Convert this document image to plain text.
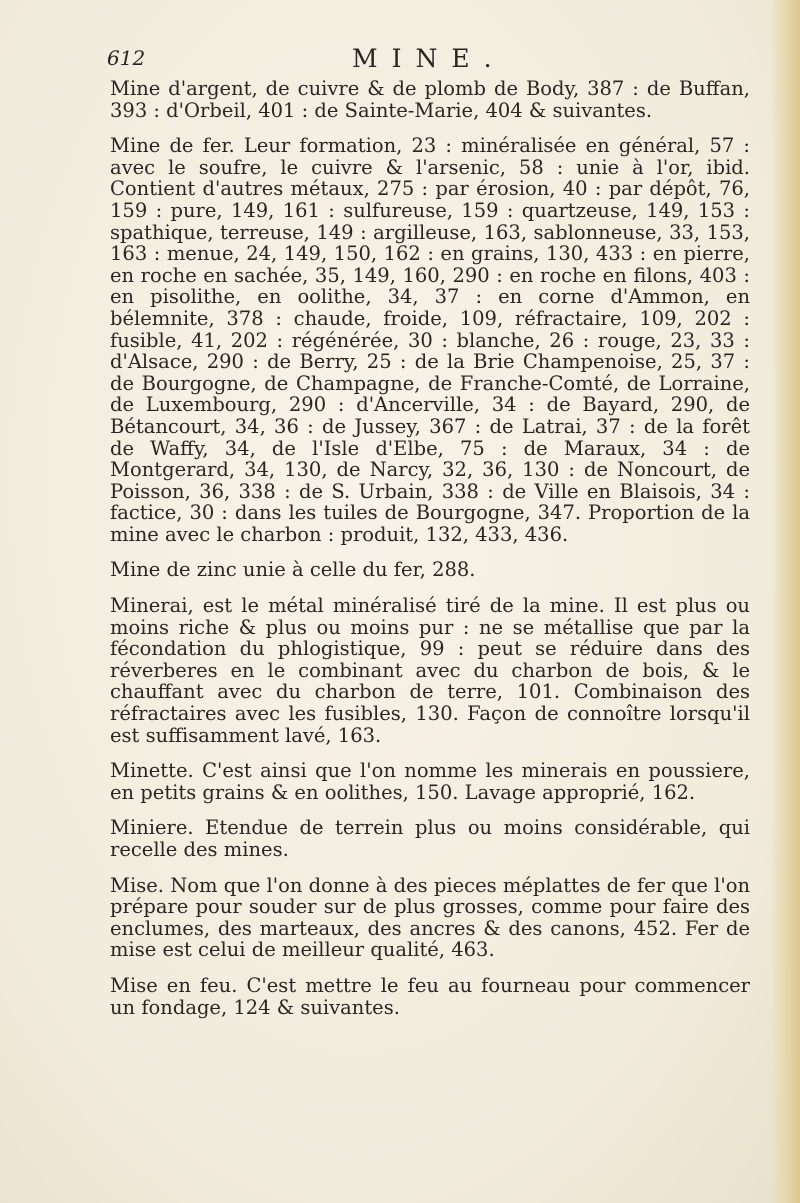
612	MINE.

Mine d'argent, de cuivre & de plomb de Body, 387 : de Buffan, 393 : d'Orbeil, 401 : de Sainte-Marie, 404 & suivantes.

Mine de fer. Leur formation, 23 : minéralisée en général, 57 : avec le soufre, le cuivre & l'arsenic, 58 : unie à l'or, ibid. Contient d'autres métaux, 275 : par érosion, 40 : par dépôt, 76, 159 : pure, 149, 161 : sulfureuse, 159 : quartzeuse, 149, 153 : spathique, terreuse, 149 : argilleuse, 163, sablonneuse, 33, 153, 163 : menue, 24, 149, 150, 162 : en grains, 130, 433 : en pierre, en roche en sachée, 35, 149, 160, 290 : en roche en filons, 403 : en pisolithe, en oolithe, 34, 37 : en corne d'Ammon, en bélemnite, 378 : chaude, froide, 109, réfractaire, 109, 202 : fusible, 41, 202 : régénérée, 30 : blanche, 26 : rouge, 23, 33 : d'Alsace, 290 : de Berry, 25 : de la Brie Champenoise, 25, 37 : de Bourgogne, de Champagne, de Franche-Comté, de Lorraine, de Luxembourg, 290 : d'Ancerville, 34 : de Bayard, 290, de Bétancourt, 34, 36 : de Jussey, 367 : de Latrai, 37 : de la forêt de Waffy, 34, de l'Isle d'Elbe, 75 : de Maraux, 34 : de Montgerard, 34, 130, de Narcy, 32, 36, 130 : de Noncourt, de Poisson, 36, 338 : de S. Urbain, 338 : de Ville en Blaisois, 34 : factice, 30 : dans les tuiles de Bourgogne, 347. Proportion de la mine avec le charbon : produit, 132, 433, 436.

Mine de zinc unie à celle du fer, 288.

Minerai, est le métal minéralisé tiré de la mine. Il est plus ou moins riche & plus ou moins pur : ne se métallise que par la fécondation du phlogistique, 99 : peut se réduire dans des réverberes en le combinant avec du charbon de bois, & le chauffant avec du charbon de terre, 101. Combinaison des réfractaires avec les fusibles, 130. Façon de connoître lorsqu'il est suffisamment lavé, 163.

Minette. C'est ainsi que l'on nomme les minerais en poussiere, en petits grains & en oolithes, 150. Lavage approprié, 162.

Miniere. Etendue de terrein plus ou moins considérable, qui recelle des mines.

Mise. Nom que l'on donne à des pieces méplattes de fer que l'on prépare pour souder sur de plus grosses, comme pour faire des enclumes, des marteaux, des ancres & des canons, 452. Fer de mise est celui de meilleur qualité, 463.

Mise en feu. C'est mettre le feu au fourneau pour commencer un fondage, 124 & suivantes.
